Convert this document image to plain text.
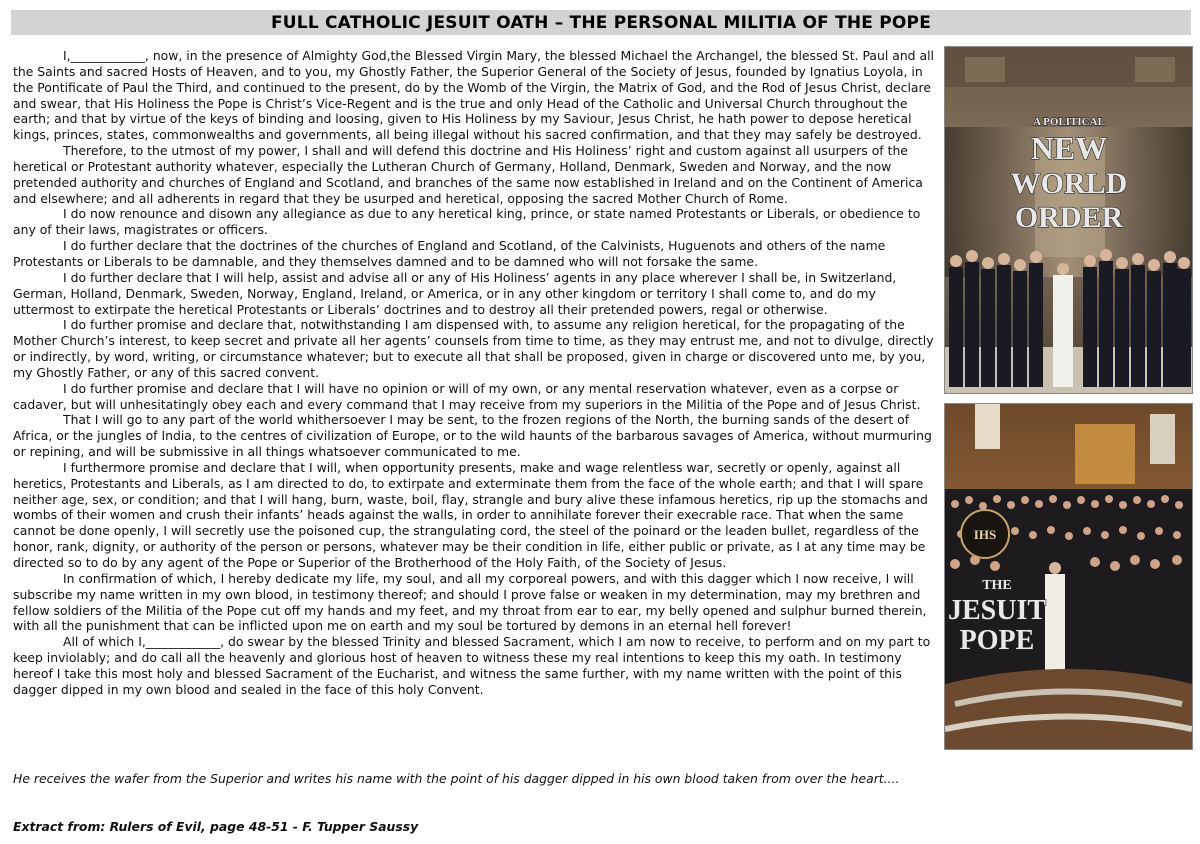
FULL CATHOLIC JESUIT OATH – THE PERSONAL MILITIA OF THE POPE

I,____________, now, in the presence of Almighty God,the Blessed Virgin Mary, the blessed Michael the Archangel, the blessed St. Paul and all the Saints and sacred Hosts of Heaven, and to you, my Ghostly Father, the Superior General of the Society of Jesus, founded by Ignatius Loyola, in the Pontificate of Paul the Third, and continued to the present, do by the Womb of the Virgin, the Matrix of God, and the Rod of Jesus Christ, declare and swear, that His Holiness the Pope is Christ’s Vice-Regent and is the true and only Head of the Catholic and Universal Church throughout the earth; and that by virtue of the keys of binding and loosing, given to His Holiness by my Saviour, Jesus Christ, he hath power to depose heretical kings, princes, states, commonwealths and governments, all being illegal without his sacred confirmation, and that they may safely be destroyed.

Therefore, to the utmost of my power, I shall and will defend this doctrine and His Holiness’ right and custom against all usurpers of the heretical or Protestant authority whatever, especially the Lutheran Church of Germany, Holland, Denmark, Sweden and Norway, and the now pretended authority and churches of England and Scotland, and branches of the same now established in Ireland and on the Continent of America and elsewhere; and all adherents in regard that they be usurped and heretical, opposing the sacred Mother Church of Rome.

I do now renounce and disown any allegiance as due to any heretical king, prince, or state named Protestants or Liberals, or obedience to any of their laws, magistrates or officers.

I do further declare that the doctrines of the churches of England and Scotland, of the Calvinists, Huguenots and others of the name Protestants or Liberals to be damnable, and they themselves damned and to be damned who will not forsake the same.

I do further declare that I will help, assist and advise all or any of His Holiness’ agents in any place wherever I shall be, in Switzerland, German, Holland, Denmark, Sweden, Norway, England, Ireland, or America, or in any other kingdom or territory I shall come to, and do my uttermost to extirpate the heretical Protestants or Liberals’ doctrines and to destroy all their pretended powers, regal or otherwise.

I do further promise and declare that, notwithstanding I am dispensed with, to assume any religion heretical, for the propagating of the Mother Church’s interest, to keep secret and private all her agents’ counsels from time to time, as they may entrust me, and not to divulge, directly or indirectly, by word, writing, or circumstance whatever; but to execute all that shall be proposed, given in charge or discovered unto me, by you, my Ghostly Father, or any of this sacred convent.

I do further promise and declare that I will have no opinion or will of my own, or any mental reservation whatever, even as a corpse or cadaver, but will unhesitatingly obey each and every command that I may receive from my superiors in the Militia of the Pope and of Jesus Christ.

That I will go to any part of the world whithersoever I may be sent, to the frozen regions of the North, the burning sands of the desert of Africa, or the jungles of India, to the centres of civilization of Europe, or to the wild haunts of the barbarous savages of America, without murmuring or repining, and will be submissive in all things whatsoever communicated to me.

I furthermore promise and declare that I will, when opportunity presents, make and wage relentless war, secretly or openly, against all heretics, Protestants and Liberals, as I am directed to do, to extirpate and exterminate them from the face of the whole earth; and that I will spare neither age, sex, or condition; and that I will hang, burn, waste, boil, flay, strangle and bury alive these infamous heretics, rip up the stomachs and wombs of their women and crush their infants’ heads against the walls, in order to annihilate forever their execrable race. That when the same cannot be done openly, I will secretly use the poisoned cup, the strangulating cord, the steel of the poinard or the leaden bullet, regardless of the honor, rank, dignity, or authority of the person or persons, whatever may be their condition in life, either public or private, as I at any time may be directed so to do by any agent of the Pope or Superior of the Brotherhood of the Holy Faith, of the Society of Jesus.

In confirmation of which, I hereby dedicate my life, my soul, and all my corporeal powers, and with this dagger which I now receive, I will subscribe my name written in my own blood, in testimony thereof; and should I prove false or weaken in my determination, may my brethren and fellow soldiers of the Militia of the Pope cut off my hands and my feet, and my throat from ear to ear, my belly opened and sulphur burned therein, with all the punishment that can be inflicted upon me on earth and my soul be tortured by demons in an eternal hell forever!

All of which I,____________, do swear by the blessed Trinity and blessed Sacrament, which I am now to receive, to perform and on my part to keep inviolably; and do call all the heavenly and glorious host of heaven to witness these my real intentions to keep this my oath. In testimony hereof I take this most holy and blessed Sacrament of the Eucharist, and witness the same further, with my name written with the point of this dagger dipped in my own blood and sealed in the face of this holy Convent.

He receives the wafer from the Superior and writes his name with the point of his dagger dipped in his own blood taken from over the heart....

Extract from: Rulers of Evil, page 48-51 - F. Tupper Saussy

A POLITICAL
NEW
WORLD
ORDER
IHS
THE
JESUIT
POPE
